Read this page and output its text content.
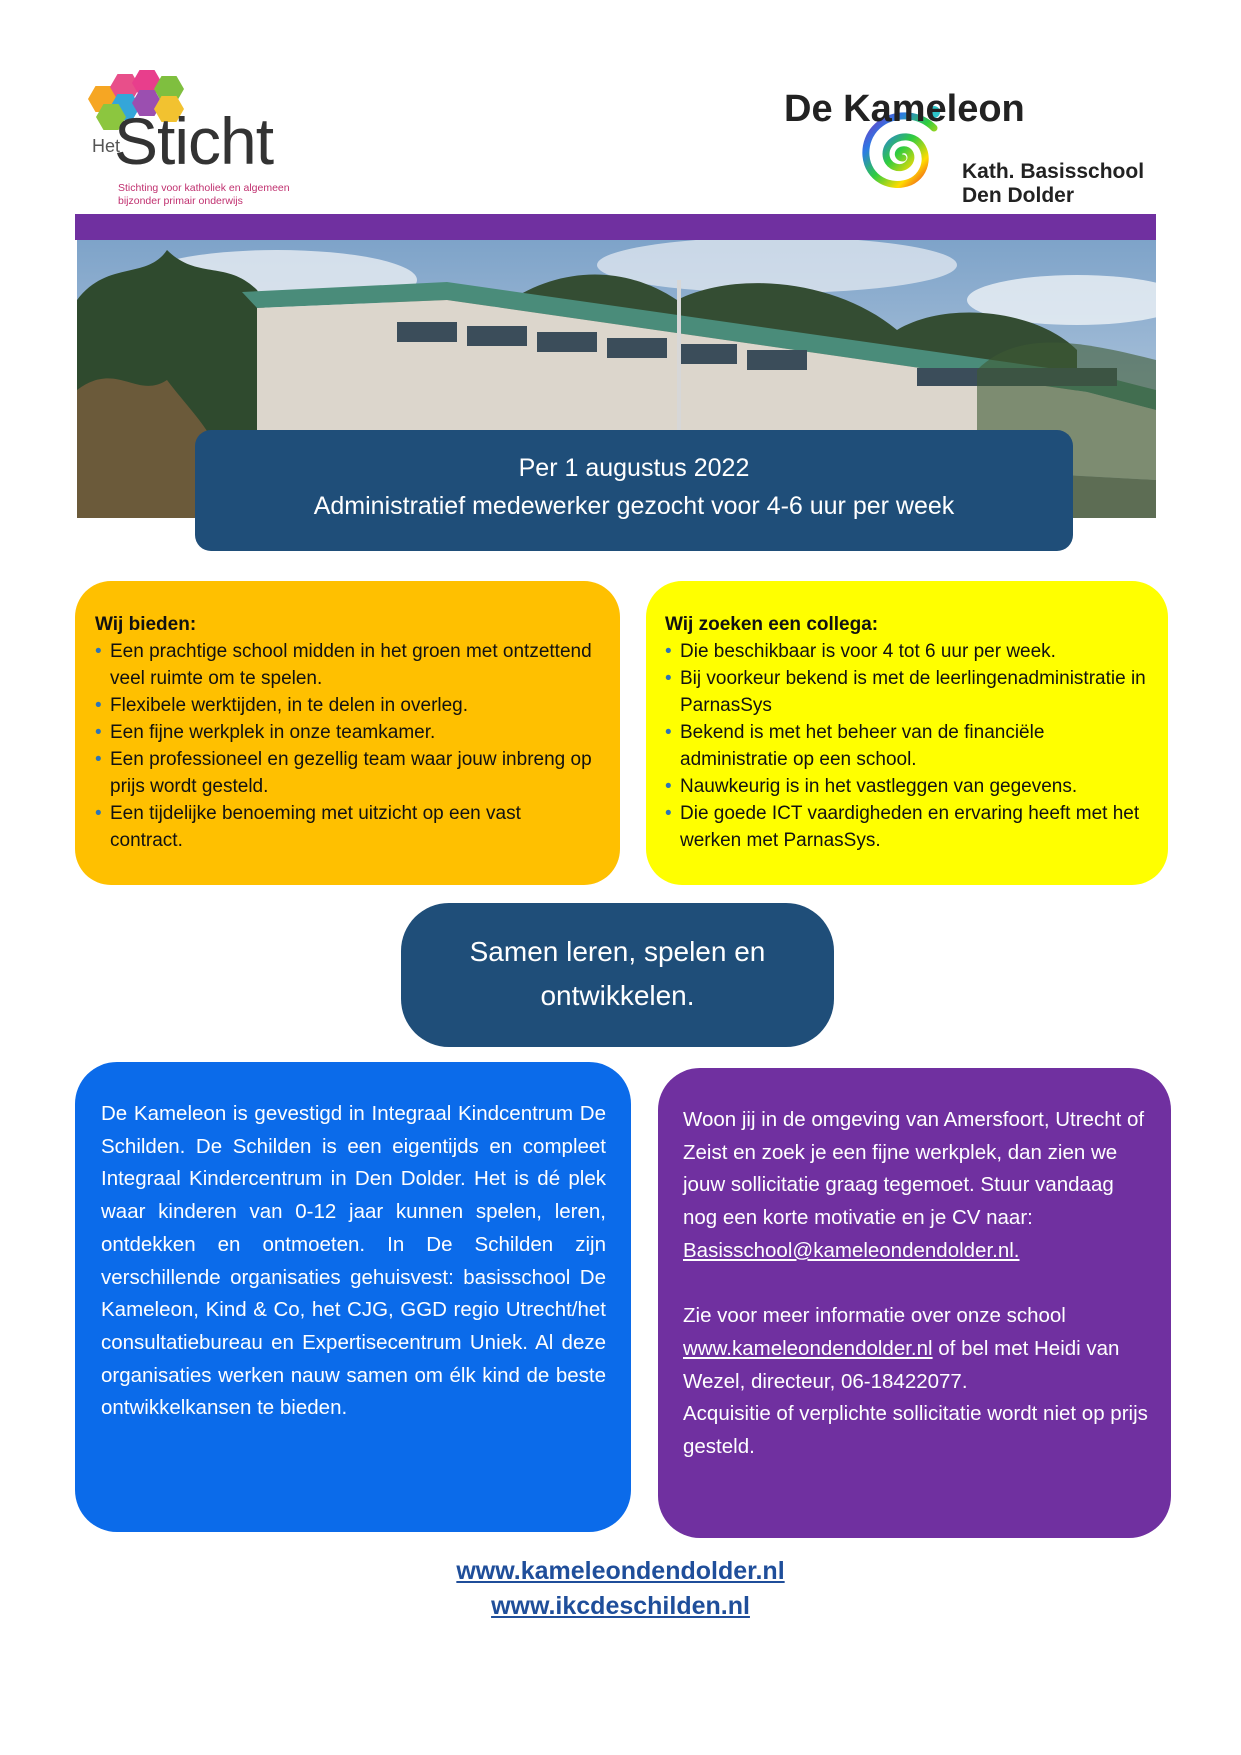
Het
Sticht
Stichting voor katholiek en algemeen bijzonder primair onderwijs
De Kameleon
Kath. Basisschool
Den Dolder
Per 1 augustus 2022
Administratief medewerker gezocht voor 4-6 uur per week
Wij bieden:
• Een prachtige school midden in het groen met ontzettend veel ruimte om te spelen.
• Flexibele werktijden, in te delen in overleg.
• Een fijne werkplek in onze teamkamer.
• Een professioneel en gezellig team waar jouw inbreng op prijs wordt gesteld.
• Een tijdelijke benoeming met uitzicht op een vast contract.
Wij zoeken een collega:
• Die beschikbaar is voor 4 tot 6 uur per week.
• Bij voorkeur bekend is met de leerlingenadministratie in ParnasSys
• Bekend is met het beheer van de financiële administratie op een school.
• Nauwkeurig is in het vastleggen van gegevens.
• Die goede ICT vaardigheden en ervaring heeft met het werken met ParnasSys.
Samen leren, spelen en
ontwikkelen.
De Kameleon is gevestigd in Integraal Kindcentrum De Schilden. De Schilden is een eigentijds en compleet Integraal Kindercentrum in Den Dolder. Het is dé plek waar kinderen van 0-12 jaar kunnen spelen, leren, ontdekken en ontmoeten. In De Schilden zijn verschillende organisaties gehuisvest: basisschool De Kameleon, Kind & Co, het CJG, GGD regio Utrecht/het consultatiebureau en Expertisecentrum Uniek. Al deze organisaties werken nauw samen om élk kind de beste ontwikkelkansen te bieden.

Woon jij in de omgeving van Amersfoort, Utrecht of Zeist en zoek je een fijne werkplek, dan zien we jouw sollicitatie graag tegemoet. Stuur vandaag nog een korte motivatie en je CV naar:

Basisschool@kameleondendolder.nl.

Zie voor meer informatie over onze school www.kameleondendolder.nl of bel met Heidi van Wezel, directeur, 06-18422077.

Acquisitie of verplichte sollicitatie wordt niet op prijs gesteld.

www.kameleondendolder.nl
www.ikcdeschilden.nl
